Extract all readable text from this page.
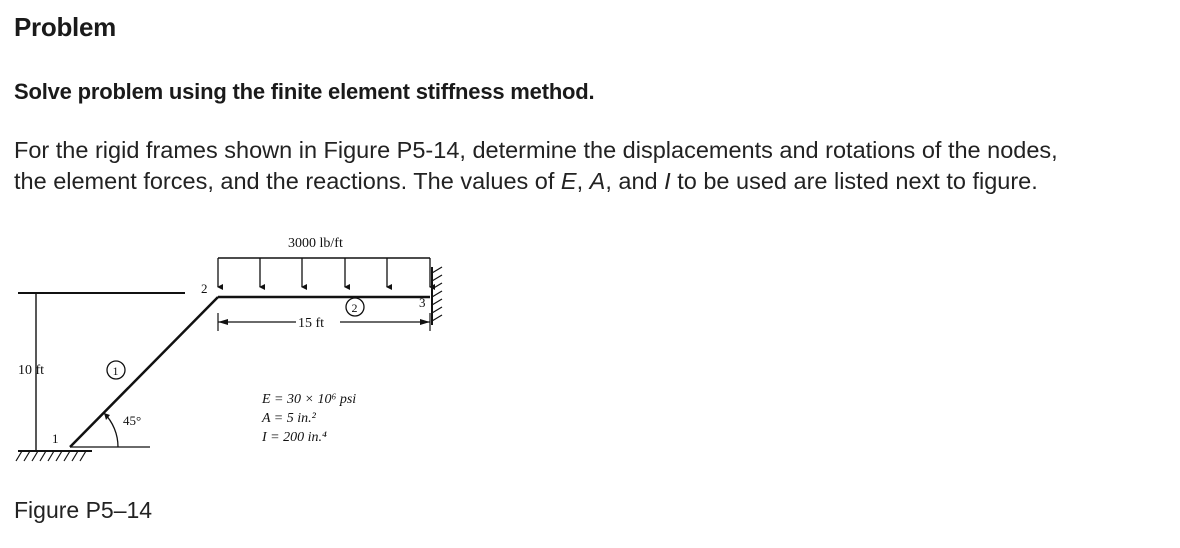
Problem

Solve problem using the finite element stiffness method.

For the rigid frames shown in Figure P5-14, determine the displacements and rotations of the nodes,
the element forces, and the reactions. The values of E, A, and I to be used are listed next to figure.

10 ft
1
45°
1
2
3000 lb/ft
3
2
15 ft
E = 30 × 10⁶ psi
A = 5 in.²
I = 200 in.⁴

Figure P5–14
